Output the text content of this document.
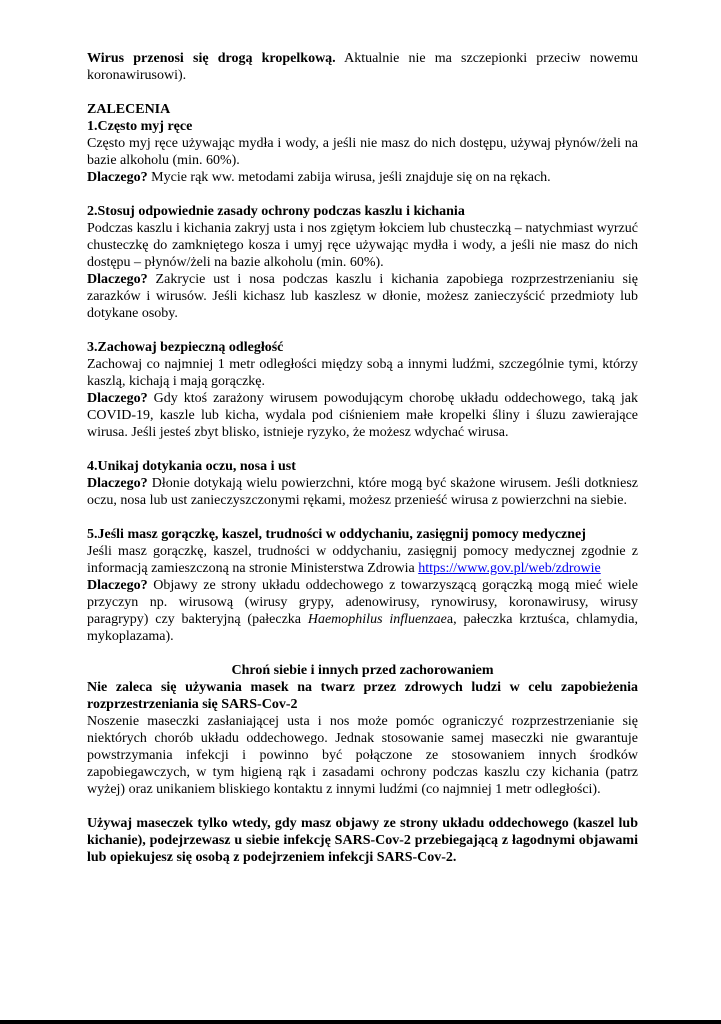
Wirus przenosi się drogą kropelkową. Aktualnie nie ma szczepionki przeciw nowemu koronawirusowi).

ZALECENIA

1.Często myj ręce

Często myj ręce używając mydła i wody, a jeśli nie masz do nich dostępu, używaj płynów/żeli na bazie alkoholu (min. 60%).

Dlaczego? Mycie rąk ww. metodami zabija wirusa, jeśli znajduje się on na rękach.

2.Stosuj odpowiednie zasady ochrony podczas kaszlu i kichania

Podczas kaszlu i kichania zakryj usta i nos zgiętym łokciem lub chusteczką – natychmiast wyrzuć chusteczkę do zamkniętego kosza i umyj ręce używając mydła i wody, a jeśli nie masz do nich dostępu – płynów/żeli na bazie alkoholu (min. 60%).

Dlaczego? Zakrycie ust i nosa podczas kaszlu i kichania zapobiega rozprzestrzenianiu się zarazków i wirusów. Jeśli kichasz lub kaszlesz w dłonie, możesz zanieczyścić przedmioty lub dotykane osoby.

3.Zachowaj bezpieczną odległość

Zachowaj co najmniej 1 metr odległości między sobą a innymi ludźmi, szczególnie tymi, którzy kaszlą, kichają i mają gorączkę.

Dlaczego? Gdy ktoś zarażony wirusem powodującym chorobę układu oddechowego, taką jak COVID-19, kaszle lub kicha, wydala pod ciśnieniem małe kropelki śliny i śluzu zawierające wirusa. Jeśli jesteś zbyt blisko, istnieje ryzyko, że możesz wdychać wirusa.

4.Unikaj dotykania oczu, nosa i ust

Dlaczego? Dłonie dotykają wielu powierzchni, które mogą być skażone wirusem. Jeśli dotkniesz oczu, nosa lub ust zanieczyszczonymi rękami, możesz przenieść wirusa z powierzchni na siebie.

5.Jeśli masz gorączkę, kaszel, trudności w oddychaniu, zasięgnij pomocy medycznej

Jeśli masz gorączkę, kaszel, trudności w oddychaniu, zasięgnij pomocy medycznej zgodnie z informacją zamieszczoną na stronie Ministerstwa Zdrowia https://www.gov.pl/web/zdrowie

Dlaczego? Objawy ze strony układu oddechowego z towarzyszącą gorączką mogą mieć wiele przyczyn np. wirusową (wirusy grypy, adenowirusy, rynowirusy, koronawirusy, wirusy paragrypy) czy bakteryjną (pałeczka Haemophilus influenzaea, pałeczka krztuśca, chlamydia, mykoplazama).

Chroń siebie i innych przed zachorowaniem

Nie zaleca się używania masek na twarz przez zdrowych ludzi w celu zapobieżenia rozprzestrzeniania się SARS-Cov-2

Noszenie maseczki zasłaniającej usta i nos może pomóc ograniczyć rozprzestrzenianie się niektórych chorób układu oddechowego. Jednak stosowanie samej maseczki nie gwarantuje powstrzymania infekcji i powinno być połączone ze stosowaniem innych środków zapobiegawczych, w tym higieną rąk i zasadami ochrony podczas kaszlu czy kichania (patrz wyżej) oraz unikaniem bliskiego kontaktu z innymi ludźmi (co najmniej 1 metr odległości).

Używaj maseczek tylko wtedy, gdy masz objawy ze strony układu oddechowego (kaszel lub kichanie), podejrzewasz u siebie infekcję SARS-Cov-2 przebiegającą z łagodnymi objawami lub opiekujesz się osobą z podejrzeniem infekcji SARS-Cov-2.
